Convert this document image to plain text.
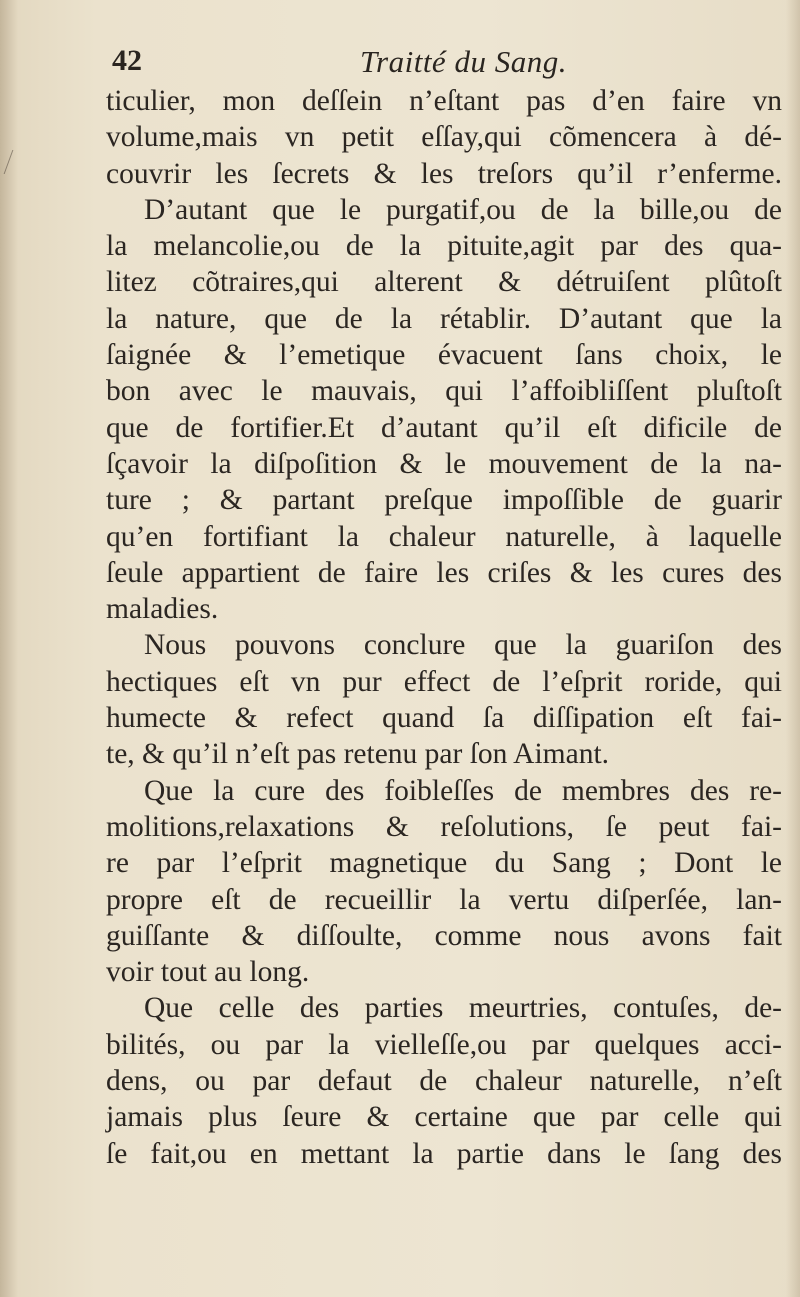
42	Traitté du Sang.
ticulier, mon deſſein n’eſtant pas d’en faire vn
volume,mais vn petit eſſay,qui cõmencera à dé-
couvrir les ſecrets & les treſors qu’il r’enferme.
D’autant que le purgatif,ou de la bille,ou de
la melancolie,ou de la pituite,agit par des qua-
litez cõtraires,qui alterent & détruiſent plûtoſt
la nature, que de la rétablir. D’autant que la
ſaignée & l’emetique évacuent ſans choix, le
bon avec le mauvais, qui l’affoibliſſent pluſtoſt
que de fortifier.Et d’autant qu’il eſt dificile de
ſçavoir la diſpoſition & le mouvement de la na-
ture ; & partant preſque impoſſible de guarir
qu’en fortifiant la chaleur naturelle, à laquelle
ſeule appartient de faire les criſes & les cures des
maladies.
Nous pouvons conclure que la guariſon des
hectiques eſt vn pur effect de l’eſprit roride, qui
humecte & refect quand ſa diſſipation eſt fai-
te, & qu’il n’eſt pas retenu par ſon Aimant.
Que la cure des foibleſſes de membres des re-
molitions,relaxations & reſolutions, ſe peut fai-
re par l’eſprit magnetique du Sang ; Dont le
propre eſt de recueillir la vertu diſperſée, lan-
guiſſante & diſſoulte, comme nous avons fait
voir tout au long.
Que celle des parties meurtries, contuſes, de-
bilités, ou par la vielleſſe,ou par quelques acci-
dens, ou par defaut de chaleur naturelle, n’eſt
jamais plus ſeure & certaine que par celle qui
ſe fait,ou en mettant la partie dans le ſang des
